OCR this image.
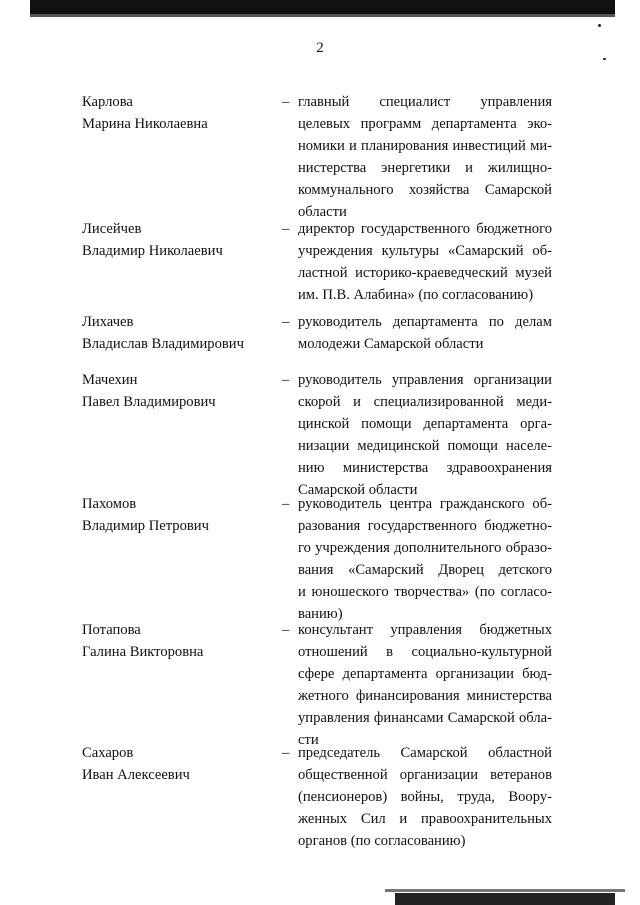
2
Карлова
Марина Николаевна
– главный специалист управления
целевых программ департамента эко-
номики и планирования инвестиций ми-
нистерства энергетики и жилищно-
коммунального хозяйства Самарской
области
Лисейчев
Владимир Николаевич
– директор государственного бюджетного
учреждения культуры «Самарский об-
ластной историко-краеведческий музей
им. П.В. Алабина» (по согласованию)
Лихачев
Владислав Владимирович
– руководитель департамента по делам
молодежи Самарской области
Мачехин
Павел Владимирович
– руководитель управления организации
скорой и специализированной меди-
цинской помощи департамента орга-
низации медицинской помощи населе-
нию министерства здравоохранения
Самарской области
Пахомов
Владимир Петрович
– руководитель центра гражданского об-
разования государственного бюджетно-
го учреждения дополнительного образо-
вания «Самарский Дворец детского
и юношеского творчества» (по согласо-
ванию)
Потапова
Галина Викторовна
– консультант управления бюджетных
отношений в социально-культурной
сфере департамента организации бюд-
жетного финансирования министерства
управления финансами Самарской обла-
сти
Сахаров
Иван Алексеевич
– председатель Самарской областной
общественной организации ветеранов
(пенсионеров) войны, труда, Воору-
женных Сил и правоохранительных
органов (по согласованию)
